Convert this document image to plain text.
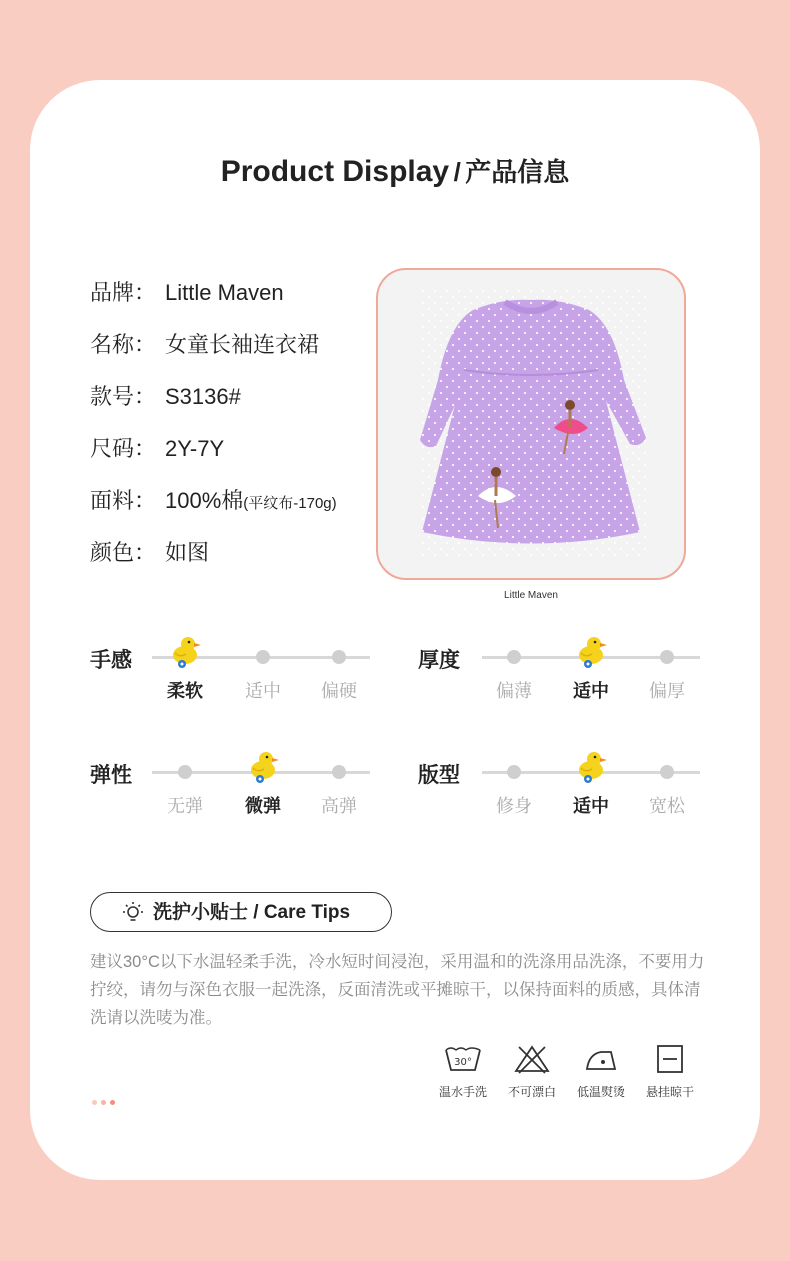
Product Display / 产品信息
品牌： Little Maven
名称： 女童长袖连衣裙
款号： S3136#
尺码： 2Y-7Y
面料： 100%棉(平纹布-170g)
颜色： 如图
Little Maven
手感
柔软	适中	偏硬
厚度
偏薄	适中	偏厚
弹性
无弹	微弹	高弹
版型
修身	适中	宽松
洗护小贴士 / Care Tips
建议30°C以下水温轻柔手洗，冷水短时间浸泡，采用温和的洗涤用品洗涤，不要用力拧绞，请勿与深色衣服一起洗涤，反面清洗或平摊晾干，以保持面料的质感，具体清洗请以洗唛为准。
30°
温水手洗	不可漂白	低温熨烫	悬挂晾干
